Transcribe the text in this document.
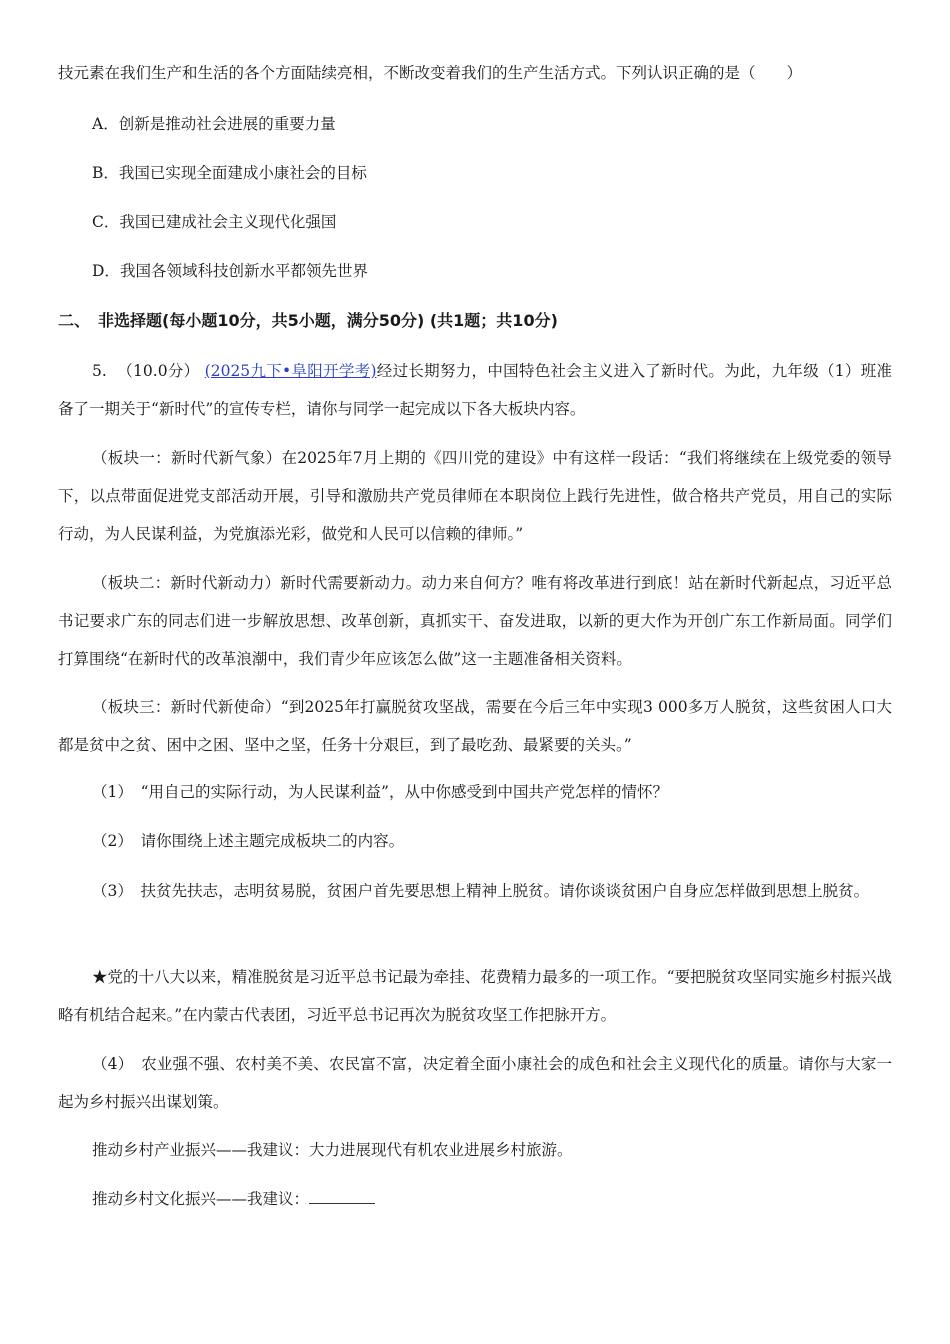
技元素在我们生产和生活的各个方面陆续亮相，不断改变着我们的生产生活方式。下列认识正确的是（　　）
A．创新是推动社会进展的重要力量
B．我国已实现全面建成小康社会的目标
C．我国已建成社会主义现代化强国
D．我国各领域科技创新水平都领先世界
二、　非选择题(每小题10分，共5小题，满分50分) (共1题；共10分)
5. （10.0分） (2025九下•阜阳开学考)经过长期努力，中国特色社会主义进入了新时代。为此，九年级（1）班准备了一期关于“新时代”的宣传专栏，请你与同学一起完成以下各大板块内容。
（板块一：新时代新气象）在2025年7月上期的《四川党的建设》中有这样一段话：“我们将继续在上级党委的领导下，以点带面促进党支部活动开展，引导和激励共产党员律师在本职岗位上践行先进性，做合格共产党员，用自己的实际行动，为人民谋利益，为党旗添光彩，做党和人民可以信赖的律师。”
（板块二：新时代新动力）新时代需要新动力。动力来自何方？唯有将改革进行到底！站在新时代新起点，习近平总书记要求广东的同志们进一步解放思想、改革创新，真抓实干、奋发进取，以新的更大作为开创广东工作新局面。同学们打算围绕“在新时代的改革浪潮中，我们青少年应该怎么做”这一主题准备相关资料。
（板块三：新时代新使命）“到2025年打赢脱贫攻坚战，需要在今后三年中实现3 000多万人脱贫，这些贫困人口大都是贫中之贫、困中之困、坚中之坚，任务十分艰巨，到了最吃劲、最紧要的关头。”
（1）　“用自己的实际行动，为人民谋利益”，从中你感受到中国共产党怎样的情怀？
（2）　请你围绕上述主题完成板块二的内容。
（3）　扶贫先扶志，志明贫易脱，贫困户首先要思想上精神上脱贫。请你谈谈贫困户自身应怎样做到思想上脱贫。
★党的十八大以来，精准脱贫是习近平总书记最为牵挂、花费精力最多的一项工作。“要把脱贫攻坚同实施乡村振兴战略有机结合起来。”在内蒙古代表团，习近平总书记再次为脱贫攻坚工作把脉开方。
（4）　农业强不强、农村美不美、农民富不富，决定着全面小康社会的成色和社会主义现代化的质量。请你与大家一起为乡村振兴出谋划策。
推动乡村产业振兴——我建议：大力进展现代有机农业进展乡村旅游。
推动乡村文化振兴——我建议：
